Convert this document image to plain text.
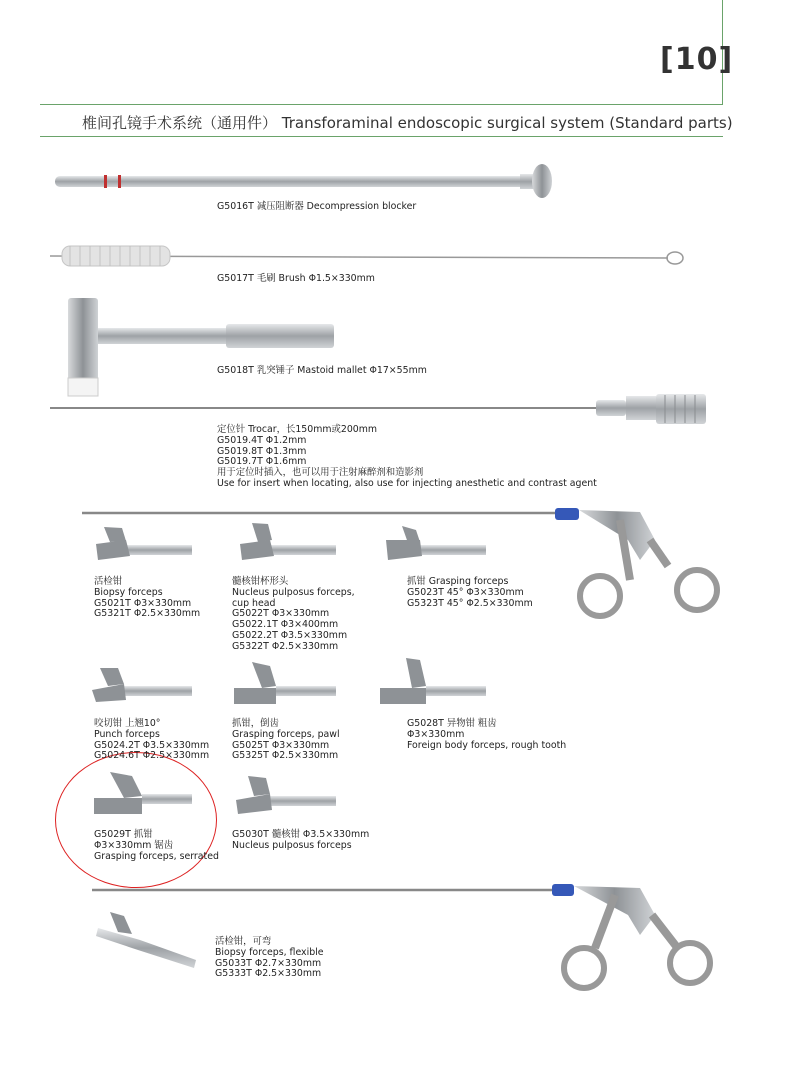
[10]
椎间孔镜手术系统（通用件） Transforaminal endoscopic surgical system (Standard parts)
G5016T 减压阻断器 Decompression blocker
G5017T 毛刷 Brush Φ1.5×330mm
G5018T 乳突锤子 Mastoid mallet Φ17×55mm
定位针 Trocar，长150mm或200mm
G5019.4T Φ1.2mm
G5019.8T Φ1.3mm
G5019.7T Φ1.6mm
用于定位时插入，也可以用于注射麻醉剂和造影剂
Use for insert when locating, also use for injecting anesthetic and contrast agent
活检钳
Biopsy forceps
G5021T Φ3×330mm
G5321T Φ2.5×330mm
髓核钳杯形头
Nucleus pulposus forceps,
cup head
G5022T Φ3×330mm
G5022.1T Φ3×400mm
G5022.2T Φ3.5×330mm
G5322T Φ2.5×330mm
抓钳 Grasping forceps
G5023T 45° Φ3×330mm
G5323T 45° Φ2.5×330mm
咬切钳 上翘10°
Punch forceps
G5024.2T Φ3.5×330mm
G5024.6T Φ2.5×330mm
抓钳，倒齿
Grasping forceps, pawl
G5025T Φ3×330mm
G5325T Φ2.5×330mm
G5028T 异物钳 粗齿
Φ3×330mm
Foreign body forceps, rough tooth
G5029T 抓钳
Φ3×330mm 锯齿
Grasping forceps, serrated
G5030T 髓核钳 Φ3.5×330mm
Nucleus pulposus forceps
活检钳，可弯
Biopsy forceps, flexible
G5033T Φ2.7×330mm
G5333T Φ2.5×330mm
